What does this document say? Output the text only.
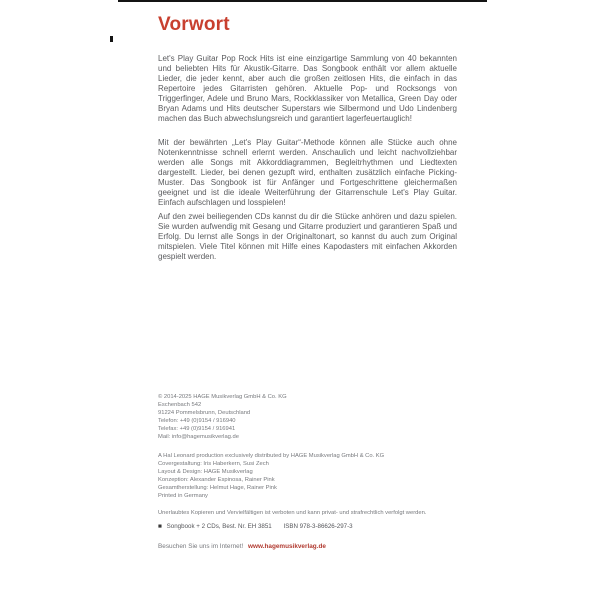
Vorwort

Let's Play Guitar Pop Rock Hits ist eine einzigartige Sammlung von 40 bekannten und beliebten Hits für Akustik-Gitarre. Das Songbook enthält vor allem aktuelle Lieder, die jeder kennt, aber auch die großen zeitlosen Hits, die einfach in das Repertoire jedes Gitarristen gehören. Aktuelle Pop- und Rocksongs von Triggerfinger, Adele und Bruno Mars, Rockklassiker von Metallica, Green Day oder Bryan Adams und Hits deutscher Superstars wie Silbermond und Udo Lindenberg machen das Buch abwechslungsreich und garantiert lagerfeuertauglich!

Mit der bewährten „Let's Play Guitar“-Methode können alle Stücke auch ohne Notenkenntnisse schnell erlernt werden. Anschaulich und leicht nachvollziehbar werden alle Songs mit Akkorddiagrammen, Begleitrhythmen und Liedtexten dargestellt. Lieder, bei denen gezupft wird, enthalten zusätzlich einfache Picking-Muster. Das Songbook ist für Anfänger und Fortgeschrittene gleichermaßen geeignet und ist die ideale Weiterführung der Gitarrenschule Let's Play Guitar. Einfach aufschlagen und losspielen!

Auf den zwei beiliegenden CDs kannst du dir die Stücke anhören und dazu spielen. Sie wurden aufwendig mit Gesang und Gitarre produziert und garantieren Spaß und Erfolg. Du lernst alle Songs in der Originaltonart, so kannst du auch zum Original mitspielen. Viele Titel können mit Hilfe eines Kapodasters mit einfachen Akkorden gespielt werden.

© 2014-2025 HAGE Musikverlag GmbH & Co. KG
Eschenbach 542
91224 Pommelsbrunn, Deutschland
Telefon: +49 (0)9154 / 916940
Telefax: +49 (0)9154 / 916941
Mail: info@hagemusikverlag.de
A Hal Leonard production exclusively distributed by HAGE Musikverlag GmbH & Co. KG
Covergestaltung: Iris Haberkern, Susi Zech
Layout & Design: HAGE Musikverlag
Konzeption: Alexander Espinosa, Rainer Pink
Gesamtherstellung: Helmut Hage, Rainer Pink
Printed in Germany
Unerlaubtes Kopieren und Vervielfältigen ist verboten und kann privat- und strafrechtlich verfolgt werden.
■ Songbook + 2 CDs, Best. Nr. EH 3851 ISBN 978-3-86626-297-3
Besuchen Sie uns im Internet! www.hagemusikverlag.de
